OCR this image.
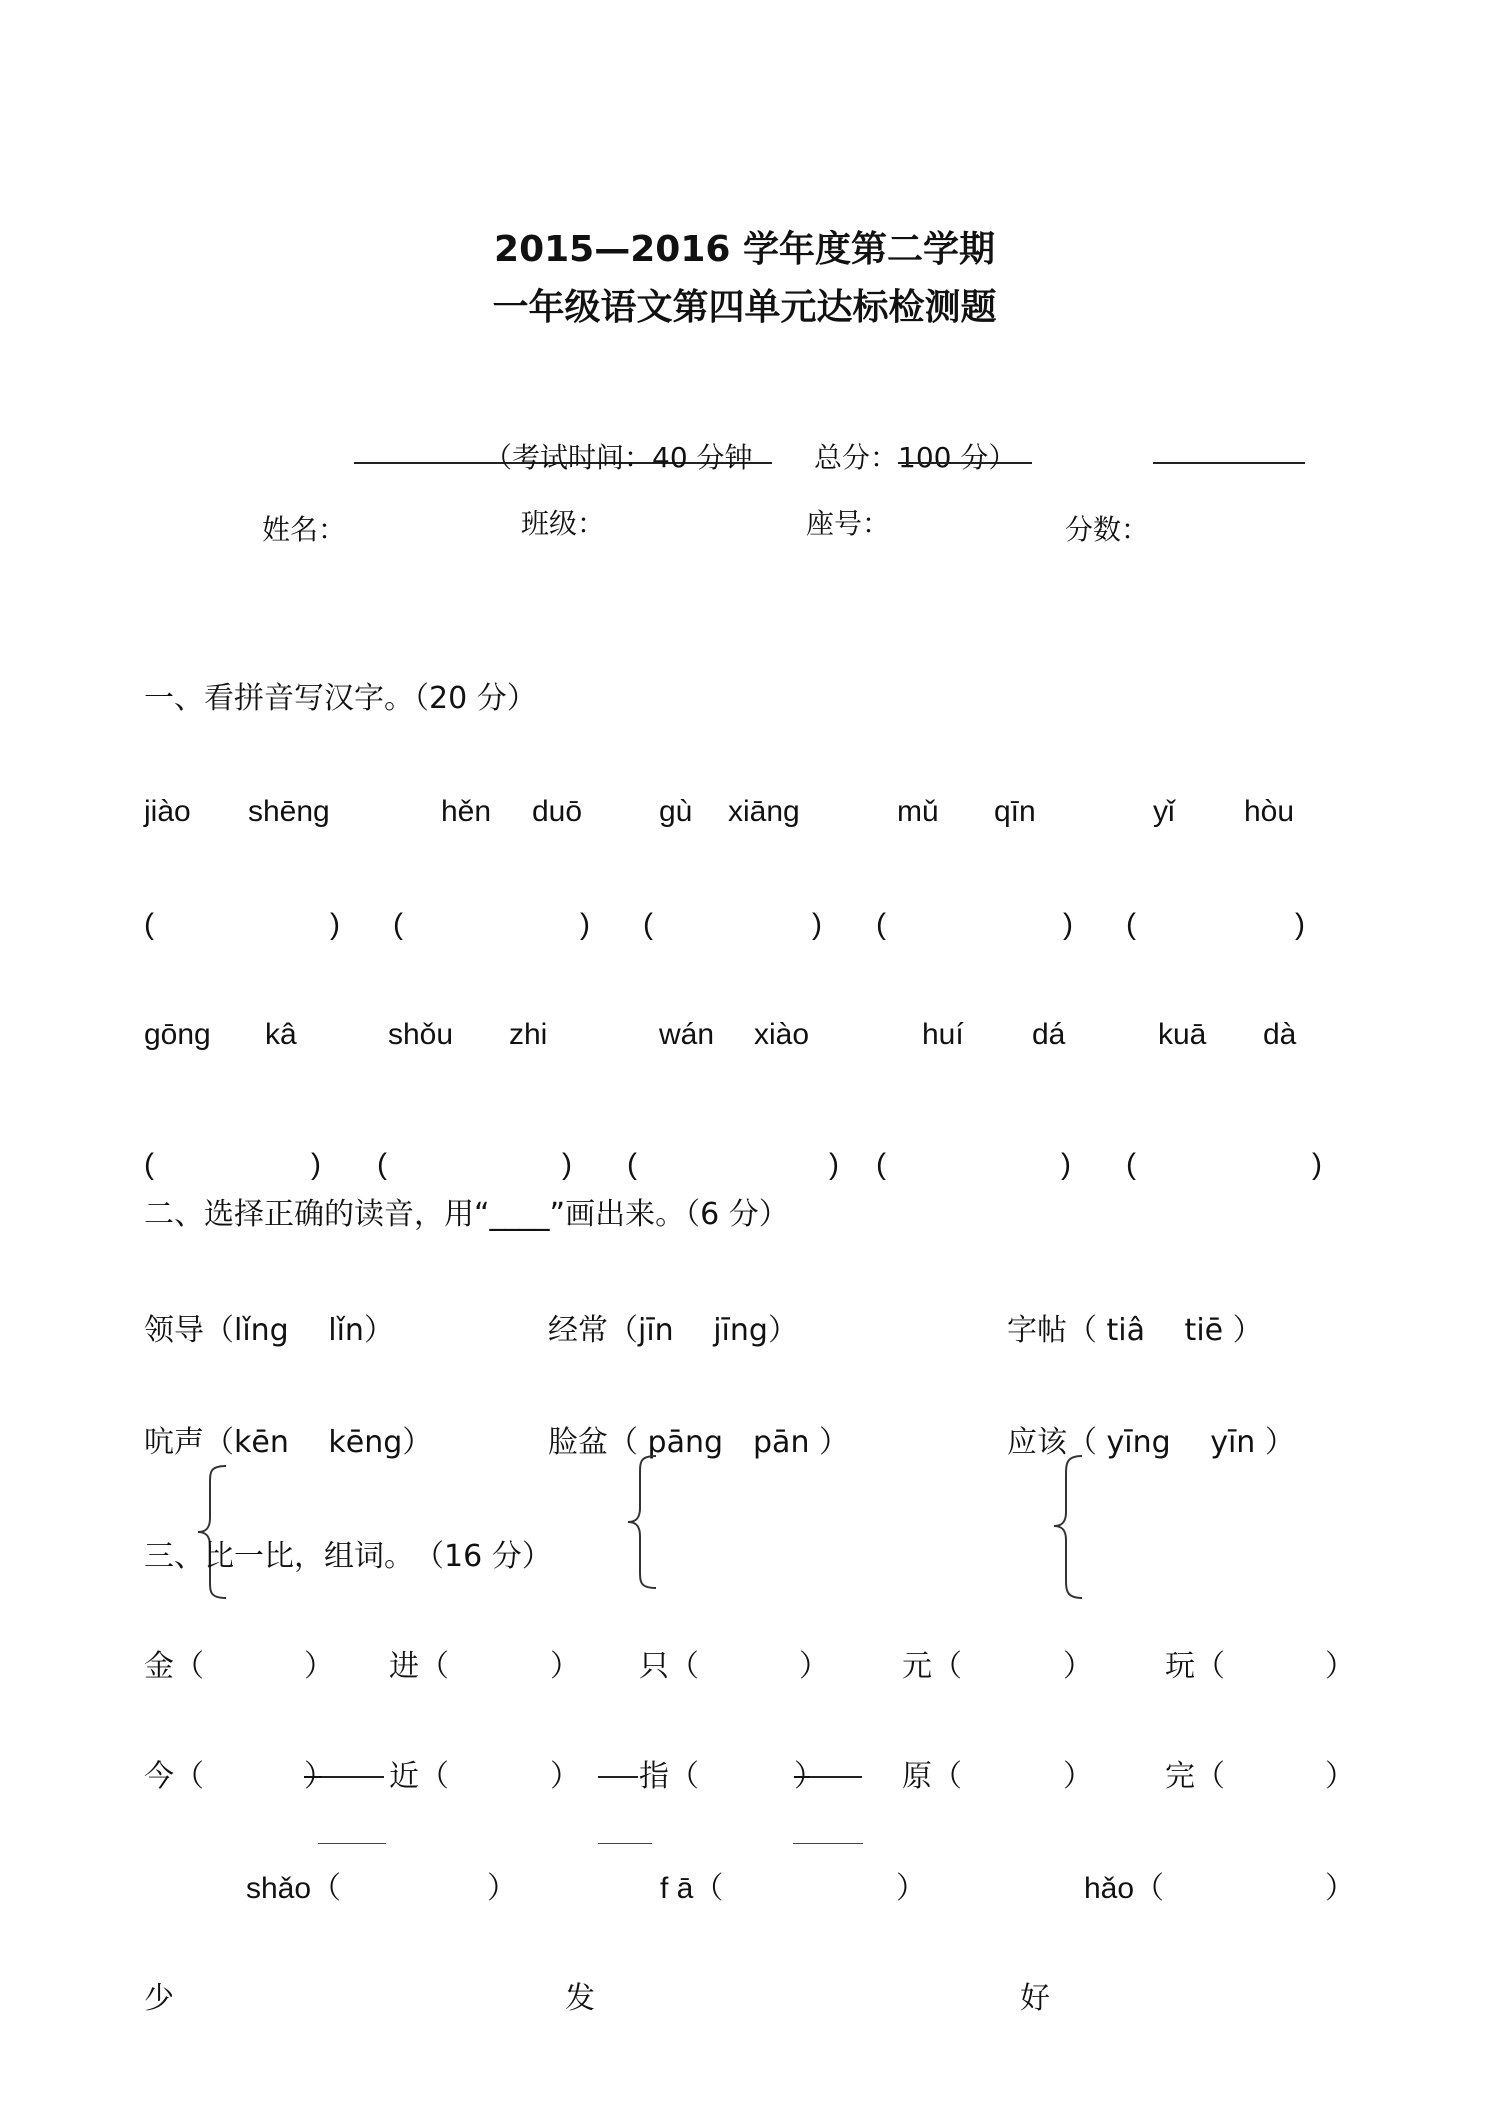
2015—2016 学年度第二学期
一年级语文第四单元达标检测题
（考试时间：40 分钟 总分：100 分）
姓名：	班级：	座号：	分数：
一、看拼音写汉字。（20 分）
jiào shēng	hěn duō	gù xiāng	mǔ qīn	yǐ hòu
(	) (	) (	) (	) (	)
gōng kâ	shǒu zhi	wán xiào	huí dá	kuā dà
(	) (	) (	) (	) (	)
二、选择正确的读音，用“____”画出来。（6 分）
领导（lǐng　 lǐn）	经常（jīn　 jīng）	字帖（ tiâ　 tiē ）
吭声（kēn　 kēng）	脸盆（ pāng　pān ）	应该（ yīng　 yīn ）
三、比一比，组词。　（16 分）
金（	） 进（	） 只（	） 元（	） 玩（	）
今（	） 近（	） 指（	）	原（	） 完（	）
shǎo（	）	f ā（	）	hǎo（	）
少	发	好
